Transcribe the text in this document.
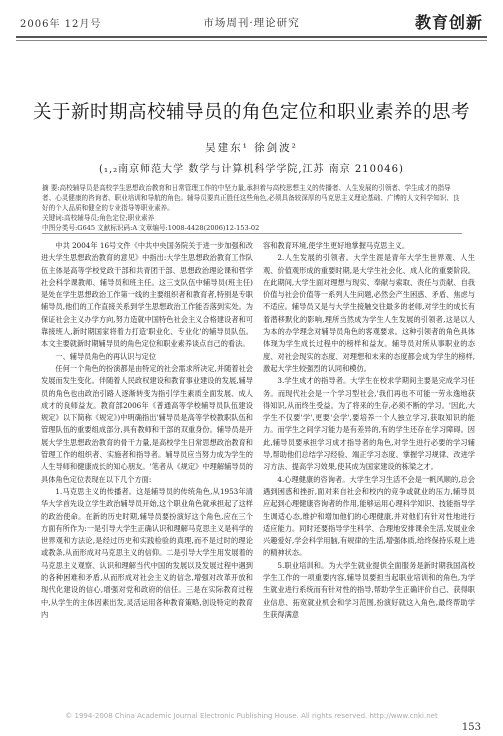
2006年 12月号	市场周刊·理论研究	教育创新
关于新时期高校辅导员的角色定位和职业素养的思考
吴建东¹ 徐剑波²
(₁,₂南京师范大学 数学与计算机科学学院,江苏 南京 210046)

摘 要:高校辅导员是高校学生思想政治教育和日常管理工作的中坚力量,承担着与高校思想主义的传播者、人生发展的引领者、学生成才的指导者、心灵健康的咨询者、职业培训和导航的角色。辅导员要真正胜任这些角色,必须具备较深厚的马克思主义理论基础、广博的人文科学知识、良好的个人品质和健全的专业指导等职业素养。

关键词:高校辅导员;角色定位;职业素养

中图分类号:G645 文献标识码:A 文章编号:1008-4428(2006)12-153-02

中共 2004年 16号文件《中共中央国务院关于进一步加强和改进大学生思想政治教育的意见》中指出:大学生思想政治教育工作队伍主体是高等学校党政干部和共青团干部、思想政治理论课和哲学社会科学课教师、辅导员和班主任。这三支队伍中辅导员(班主任)是处在学生思想政治工作第一线的主要组织者和教育者,特别是专职辅导员,他们的工作直接关系到学生思想政治工作能否落到实处。为保证社会主义办学方向,努力造就中国特色社会主义合格建设者和可靠接班人,新时期国家将着力打造'职业化、专业化'的辅导员队伍。本文主要就新时期辅导员的角色定位和职业素养谈点自己的看法。

一、辅导员角色的再认识与定位

任何一个角色的扮演都是由特定的社会需求所决定,并随着社会发展而发生变化。伴随着人民政权建设和教育事业建设的发展,辅导员的角色也由政治引路人逐渐转变为指引学生素质全面发展、成人成才的良师益友。教育部2006年《普通高等学校辅导员队伍建设规定》以下简称《规定》)中明确指出'辅导员是高等学校教职队伍和管理队伍的重要组成部分,具有教师和干部的双重身份。辅导员是开展大学生思想政治教育的骨干力量,是高校学生日常思想政治教育和管理工作的组织者、实施者和指导者。辅导员应当努力成为学生的人生导师和健康成长的知心朋友。'笔者从《规定》中理解辅导员的具体角色定位表现在以下几个方面:

1.马克思主义的传播者。这是辅导员的传统角色,从1953年清华大学首先设立学生政治辅导员开始,这个职业角色就承担起了这样的政治使命。在新的历史时期,辅导员要扮演好这个角色,应在三个方面有所作为:一是引导大学生正确认识和理解马克思主义是科学的世界观和方法论,是经过历史和实践检验的真理,而不是过时的理论或教条,从而形成对马克思主义的信仰。二是引导大学生用发展着的马克思主义观察、认识和理解当代中国的发展以及发展过程中遇到的各种困难和矛盾,从而形成对社会主义的信念,增强对改革开放和现代化建设的信心,增强对党和政府的信任。三是在实际教育过程中,从学生的主体因素出发,灵活运用各种教育策略,创设特定的教育内

容和教育环境,使学生更好地掌握马克思主义。

2.人生发展的引领者。大学生涯是青年大学生世界观、人生观、价值观形成的重要时期,是大学生社会化、成人化的重要阶段。在此期间,大学生面对理想与现实、奉献与索取、责任与贡献、自我价值与社会价值等一系列人生问题,必然会产生困惑、矛盾、焦虑与不适应。辅导员又是与大学生接触交往最多的老师,对学生的成长有着潜移默化的影响,理所当然成为学生人生发展的引领者,这是以人为本的办学理念对辅导员角色的客观要求。这种引领者的角色具体体现为学生成长过程中的榜样和益友。辅导员对所从事职业的态度、对社会现实的态度、对理想和未来的态度都会成为学生的榜样,激起大学生较强烈的认同和模仿。

3.学生成才的指导者。大学生在校求学期间主要是完成学习任务。而现代社会是一个学习型社会,'我们再也不可能一劳永逸地获得知识,从而终生受益。为了将来的生存,必须不断的学习。'因此,大学生不仅要'学',更要'会学',要培养一个人独立学习,获取知识的能力。而学生之间学习能力是有差异的,有的学生还存在学习障碍。因此,辅导员要承担学习成才指导者的角色,对学生进行必要的学习辅导,帮助他们总结学习经验、端正学习态度、掌握学习规律、改进学习方法、提高学习效果,使其成为国家建设的栋梁之才。

4.心理健康的咨询者。大学生学习生活不会是一帆风顺的,总会遇到困惑和挫折,面对来自社会和校内的竞争或就业的压力,辅导员应起到心理健康咨询者的作用,能够运用心理科学知识、技能指导学生调适心态,维护和增加他们的心理健康,并对他们有针对性地进行适应能力。同时还要指导学生科学、合理地安排课余生活,发展业余兴趣爱好,学会科学用脑,有规律的生活,增强体质,给终保持乐观上进的精神状态。

5.职业培训和。为大学生就业提供全面服务是新时期我国高校学生工作的一项重要内容,辅导员要担当起职业培训和的角色,为学生就业进行系统而有针对性的指导,帮助学生正确评价自己、获得职业信息、拓宽就业机会和学习范围,扮演好就这入角色,最终帮助学生获得满意

© 1994-2008 China Academic Journal Electronic Publishing House. All rights reserved. http://www.cnki.net
153
